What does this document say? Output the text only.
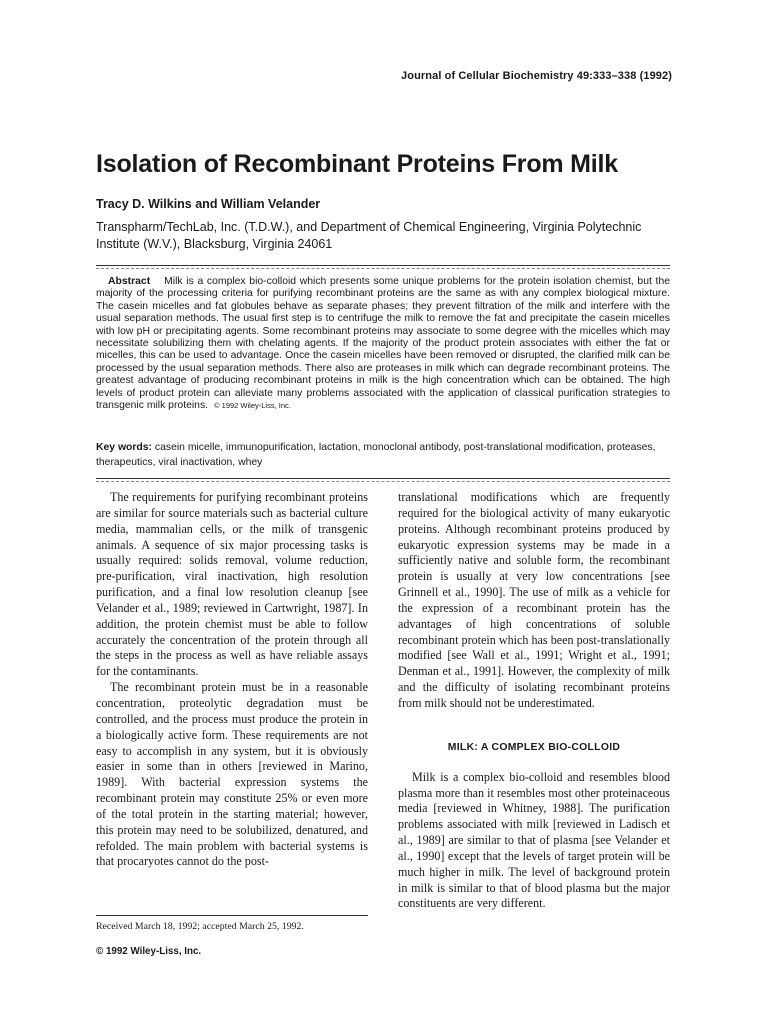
Journal of Cellular Biochemistry 49:333–338 (1992)
Isolation of Recombinant Proteins From Milk
Tracy D. Wilkins and William Velander
Transpharm/TechLab, Inc. (T.D.W.), and Department of Chemical Engineering, Virginia Polytechnic Institute (W.V.), Blacksburg, Virginia 24061
Abstract Milk is a complex bio-colloid which presents some unique problems for the protein isolation chemist, but the majority of the processing criteria for purifying recombinant proteins are the same as with any complex biological mixture. The casein micelles and fat globules behave as separate phases; they prevent filtration of the milk and interfere with the usual separation methods. The usual first step is to centrifuge the milk to remove the fat and precipitate the casein micelles with low pH or precipitating agents. Some recombinant proteins may associate to some degree with the micelles which may necessitate solubilizing them with chelating agents. If the majority of the product protein associates with either the fat or micelles, this can be used to advantage. Once the casein micelles have been removed or disrupted, the clarified milk can be processed by the usual separation methods. There also are proteases in milk which can degrade recombinant proteins. The greatest advantage of producing recombinant proteins in milk is the high concentration which can be obtained. The high levels of product protein can alleviate many problems associated with the application of classical purification strategies to transgenic milk proteins. © 1992 Wiley-Liss, Inc.
Key words: casein micelle, immunopurification, lactation, monoclonal antibody, post-translational modification, proteases, therapeutics, viral inactivation, whey

The requirements for purifying recombinant proteins are similar for source materials such as bacterial culture media, mammalian cells, or the milk of transgenic animals. A sequence of six major processing tasks is usually required: solids removal, volume reduction, pre-purification, viral inactivation, high resolution purification, and a final low resolution cleanup [see Velander et al., 1989; reviewed in Cartwright, 1987]. In addition, the protein chemist must be able to follow accurately the concentration of the protein through all the steps in the process as well as have reliable assays for the contaminants.

The recombinant protein must be in a reasonable concentration, proteolytic degradation must be controlled, and the process must produce the protein in a biologically active form. These requirements are not easy to accomplish in any system, but it is obviously easier in some than in others [reviewed in Marino, 1989]. With bacterial expression systems the recombinant protein may constitute 25% or even more of the total protein in the starting material; however, this protein may need to be solubilized, denatured, and refolded. The main problem with bacterial systems is that procaryotes cannot do the post-

translational modifications which are frequently required for the biological activity of many eukaryotic proteins. Although recombinant proteins produced by eukaryotic expression systems may be made in a sufficiently native and soluble form, the recombinant protein is usually at very low concentrations [see Grinnell et al., 1990]. The use of milk as a vehicle for the expression of a recombinant protein has the advantages of high concentrations of soluble recombinant protein which has been post-translationally modified [see Wall et al., 1991; Wright et al., 1991; Denman et al., 1991]. However, the complexity of milk and the difficulty of isolating recombinant proteins from milk should not be underestimated.

MILK: A COMPLEX BIO-COLLOID

Milk is a complex bio-colloid and resembles blood plasma more than it resembles most other proteinaceous media [reviewed in Whitney, 1988]. The purification problems associated with milk [reviewed in Ladisch et al., 1989] are similar to that of plasma [see Velander et al., 1990] except that the levels of target protein will be much higher in milk. The level of background protein in milk is similar to that of blood plasma but the major constituents are very different.

Received March 18, 1992; accepted March 25, 1992.
© 1992 Wiley-Liss, Inc.
